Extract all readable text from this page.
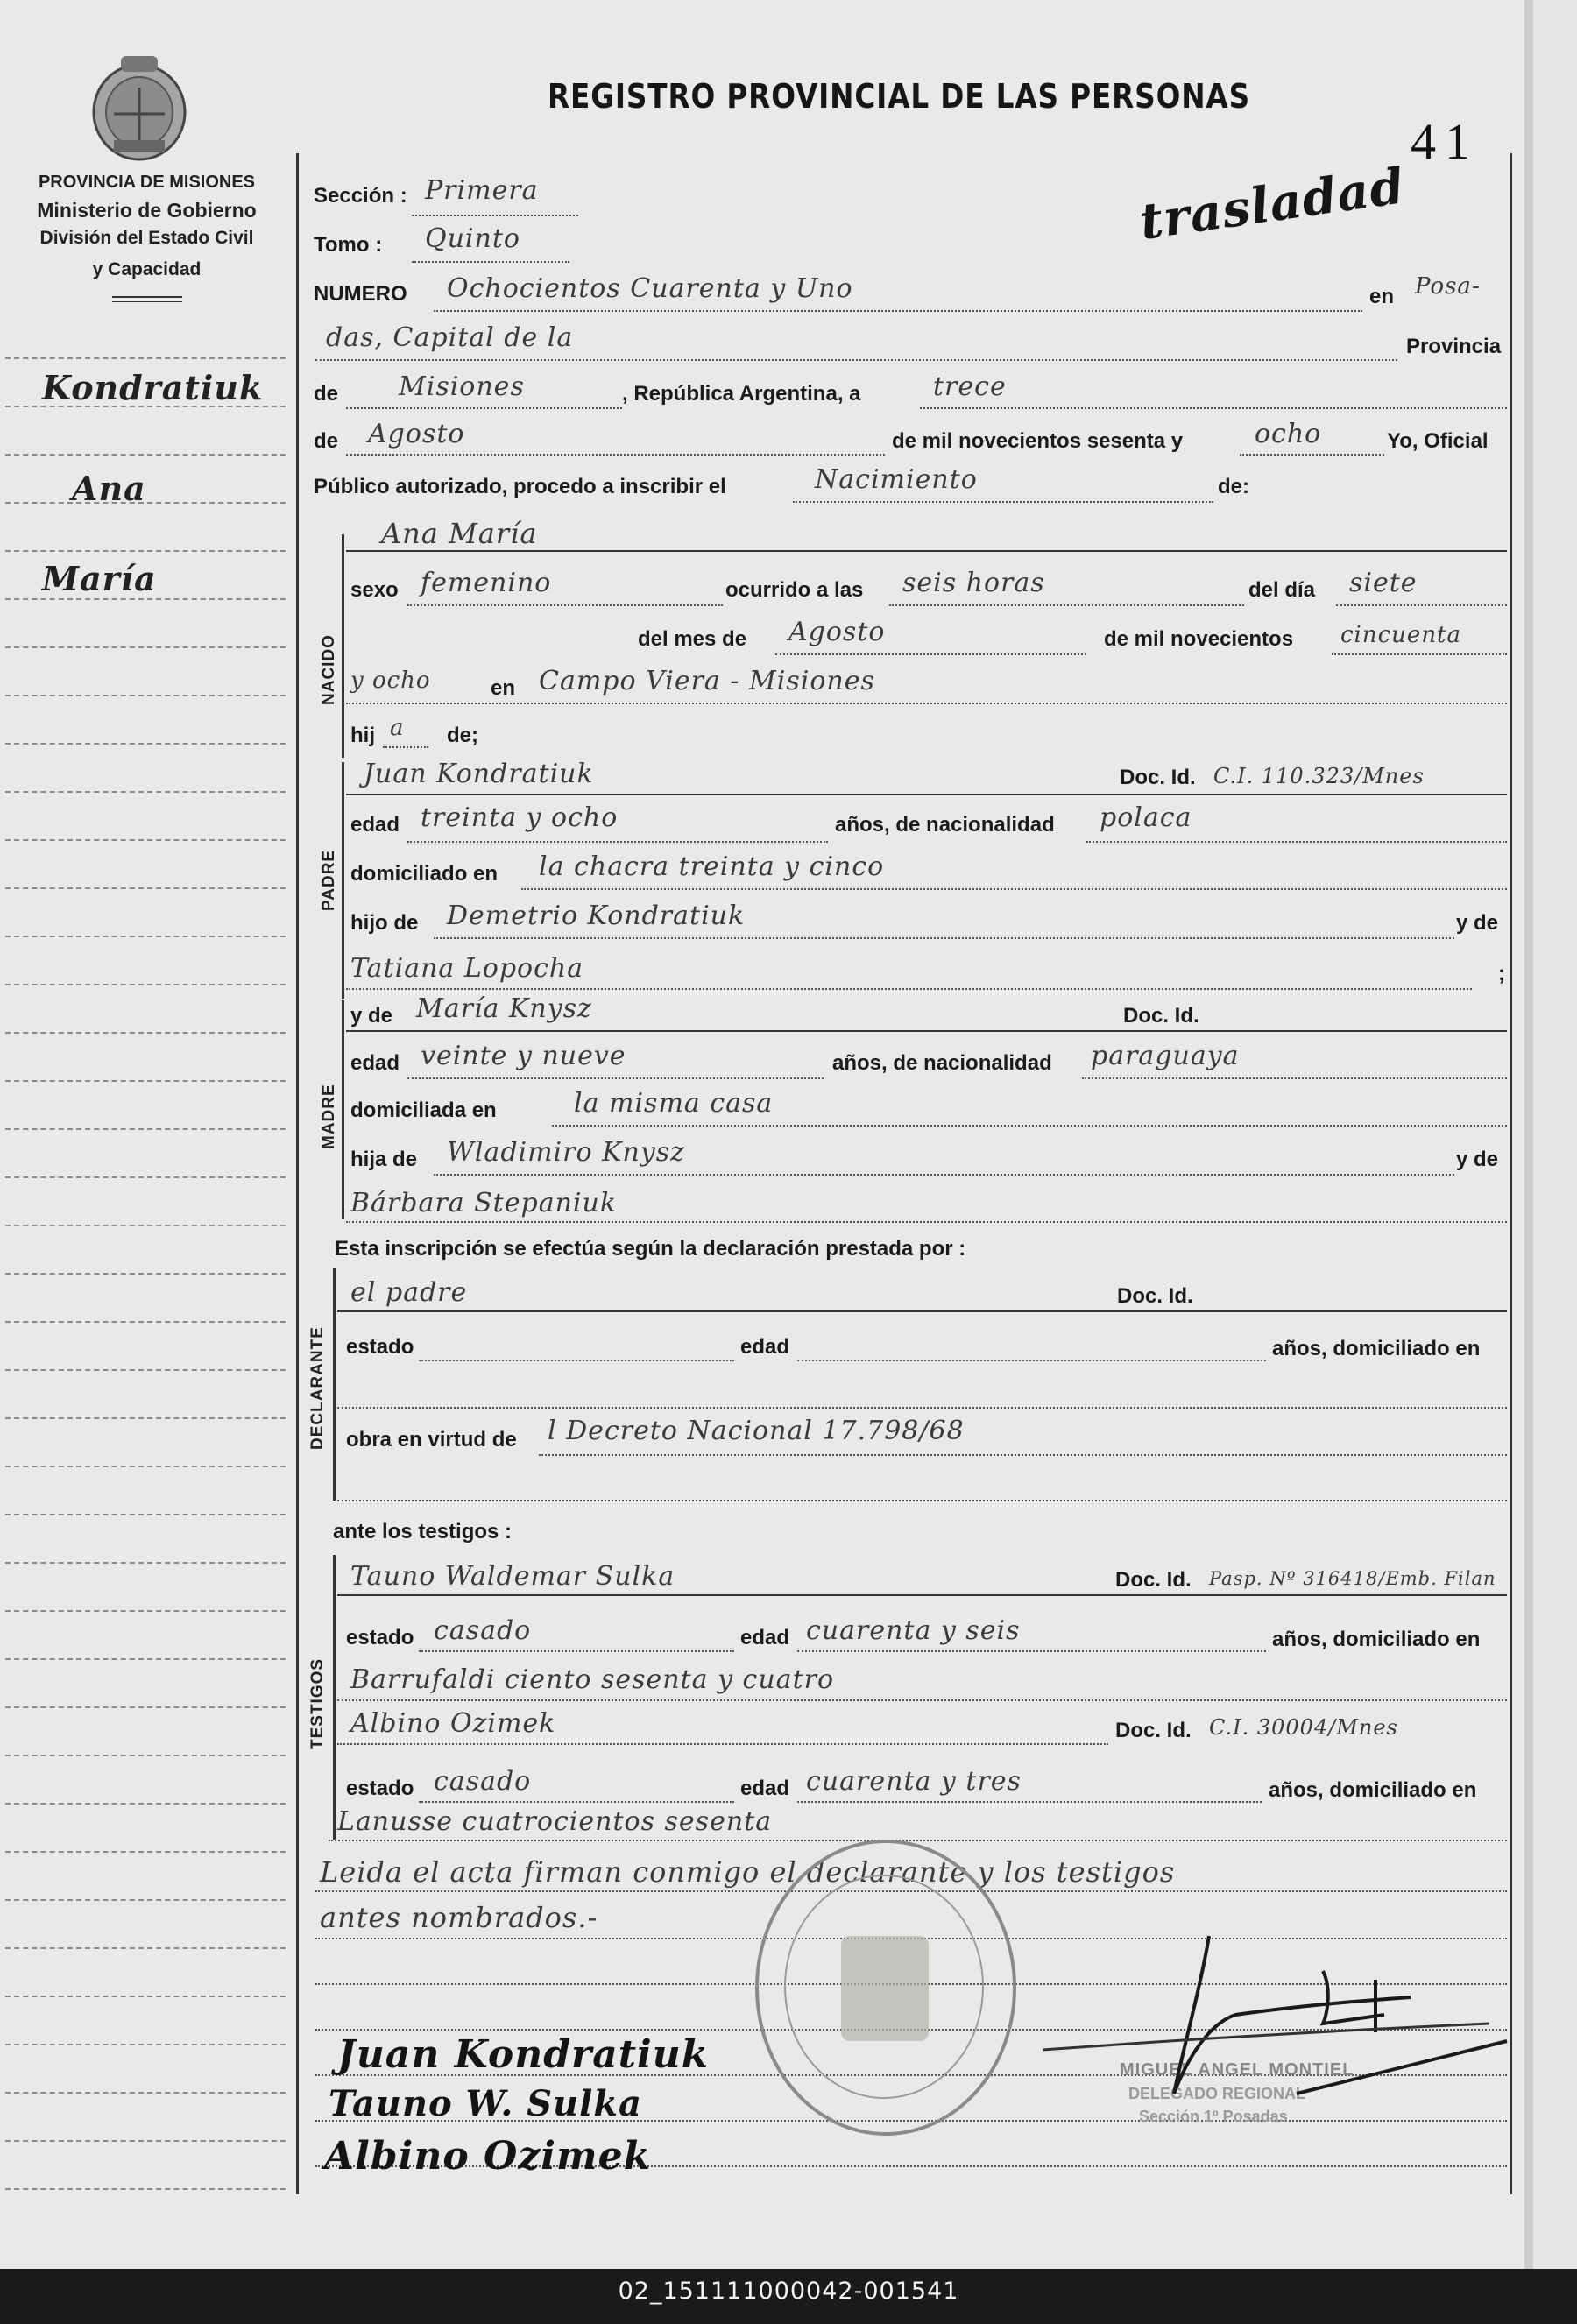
02_151111000042-001541
PROVINCIA DE MISIONES
Ministerio de Gobierno
División del Estado Civil
y Capacidad
Kondratiuk
Ana
María
REGISTRO PROVINCIAL DE LAS PERSONAS
41
trasladad
Sección : Primera
Tomo : Quinto
NUMERO Ochocientos Cuarenta y Uno	en Posa-
das, Capital de la	Provincia
de Misiones	, República Argentina, a	trece
de Agosto	de mil novecientos sesenta y	ocho	Yo, Oficial
Público autorizado, procedo a inscribir el	Nacimiento	de:
NACIDO
Ana María
sexo femenino	ocurrido a las seis horas	del día siete
del mes de Agosto	de mil novecientos cincuenta
y ocho	en Campo Viera - Misiones
hij a de;
PADRE
Juan Kondratiuk	Doc. Id. C.I. 110.323/Mnes
edad treinta y ocho	años, de nacionalidad polaca
domiciliado en la chacra treinta y cinco
hijo de Demetrio Kondratiuk	y de
Tatiana Lopocha	;
MADRE
y de María Knysz	Doc. Id.
edad veinte y nueve	años, de nacionalidad paraguaya
domiciliada en	la misma casa
hija de Wladimiro Knysz	y de
Bárbara Stepaniuk
Esta inscripción se efectúa según la declaración prestada por :
DECLARANTE
el padre	Doc. Id.
estado	edad	años, domiciliado en
obra en virtud de l Decreto Nacional 17.798/68
ante los testigos :
TESTIGOS
Tauno Waldemar Sulka	Doc. Id. Pasp. Nº 316418/Emb. Filan
estado casado	edad cuarenta y seis	años, domiciliado en
Barrufaldi ciento sesenta y cuatro
Albino Ozimek	Doc. Id. C.I. 30004/Mnes
estado casado	edad cuarenta y tres	años, domiciliado en
Lanusse cuatrocientos sesenta
Leida el acta firman conmigo el declarante y los testigos
antes nombrados.-
MIGUEL ANGEL MONTIEL
DELEGADO REGIONAL
Sección 1º Posadas
Juan Kondratiuk
Tauno W. Sulka
Albino Ozimek
